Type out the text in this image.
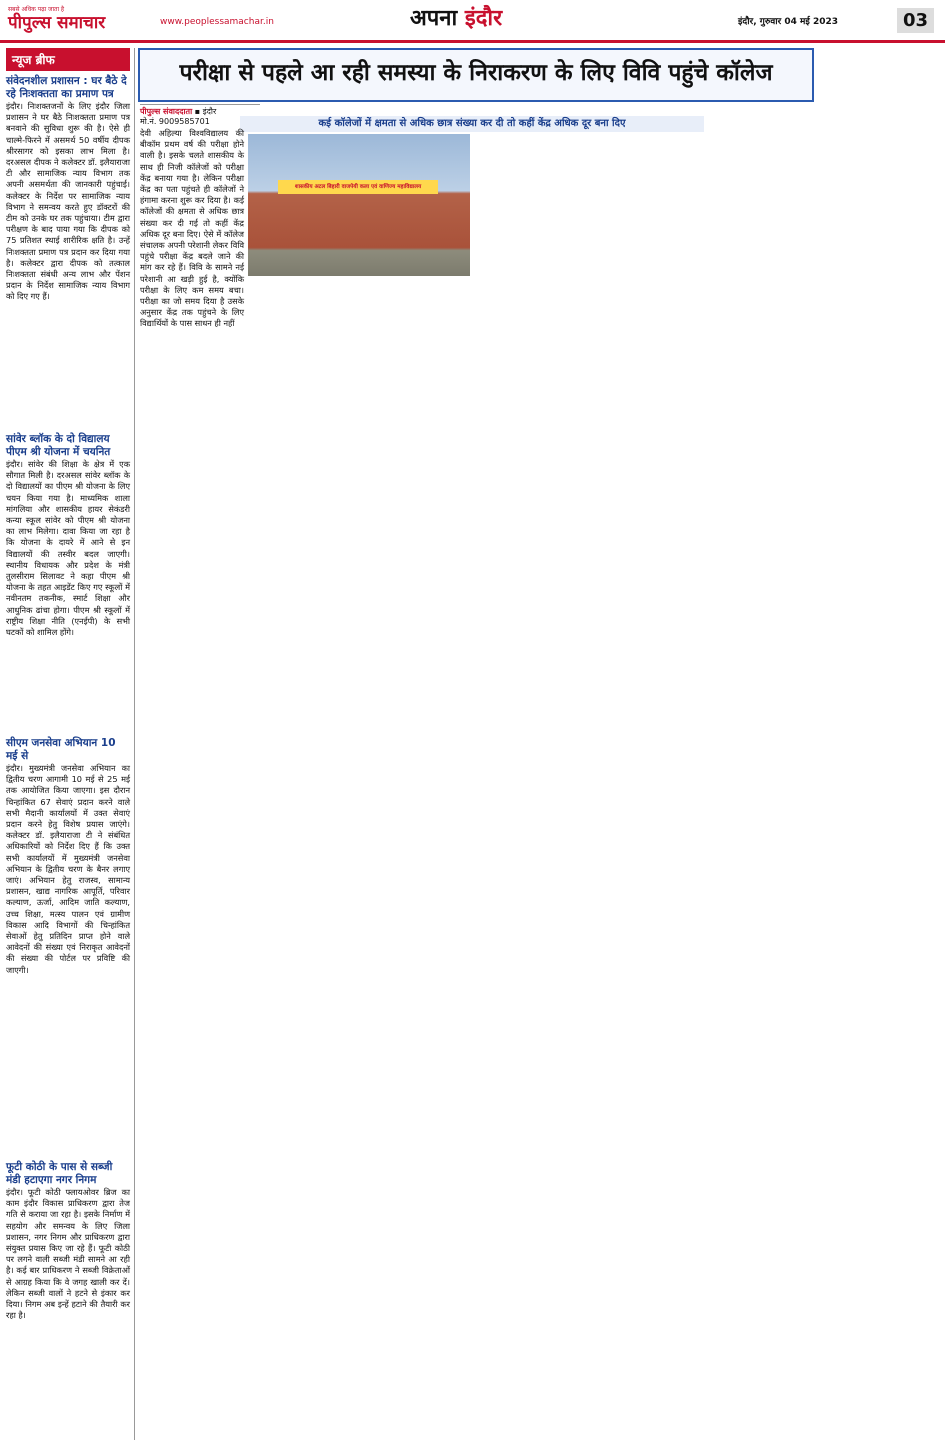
सबसे अधिक पढ़ा जाता है
पीपुल्स समाचार	www.peoplessamachar.in	अपना इंदौर	इंदौर, गुरुवार 04 मई 2023	03
न्यूज ब्रीफ
संवेदनशील प्रशासन : घर बैठे दे रहे निःशक्तता का प्रमाण पत्र
इंदौर। निःशक्तजनों के लिए इंदौर जिला प्रशासन ने घर बैठे निःशक्तता प्रमाण पत्र बनवाने की सुविधा शुरू की है। ऐसे ही चाल्मे-फिरने में असमर्थ 50 वर्षीय दीपक श्रीरसागर को इसका लाभ मिला है। दरअसल दीपक ने कलेक्टर डॉ. इलैयाराजा टी और सामाजिक न्याय विभाग तक अपनी असमर्थता की जानकारी पहुंचाई। कलेक्टर के निर्देश पर सामाजिक न्याय विभाग ने समन्वय करते हुए डॉक्टरों की टीम को उनके घर तक पहुंचाया। टीम द्वारा परीक्षण के बाद पाया गया कि दीपक को 75 प्रतिशत स्थाई शारीरिक क्षति है। उन्हें निःशक्तता प्रमाण पत्र प्रदान कर दिया गया है। कलेक्टर द्वारा दीपक को तत्काल निःशक्तता संबंधी अन्य लाभ और पेंशन प्रदान के निर्देश सामाजिक न्याय विभाग को दिए गए हैं।
सांवेर ब्लॉक के दो विद्यालय पीएम श्री योजना में चयनित
इंदौर। सांवेर की शिक्षा के क्षेत्र में एक सौगात मिली है। दरअसल सांवेर ब्लॉक के दो विद्यालयों का पीएम श्री योजना के लिए चयन किया गया है। माध्यमिक शाला मांगलिया और शासकीय हायर सेकंडरी कन्या स्कूल सांवेर को पीएम श्री योजना का लाभ मिलेगा। दावा किया जा रहा है कि योजना के दायरे में आने से इन विद्यालयों की तस्वीर बदल जाएगी। स्थानीय विधायक और प्रदेश के मंत्री तुलसीराम सिलावट ने कहा पीएम श्री योजना के तहत आइडेंट किए गए स्कूलों में नवीनतम तकनीक, स्मार्ट शिक्षा और आधुनिक ढांचा होगा। पीएम श्री स्कूलों में राष्ट्रीय शिक्षा नीति (एनईपी) के सभी घटकों को शामिल होंगे।
सीएम जनसेवा अभियान 10 मई से
इंदौर। मुख्यमंत्री जनसेवा अभियान का द्वितीय चरण आगामी 10 मई से 25 मई तक आयोजित किया जाएगा। इस दौरान चिन्हांकित 67 सेवाएं प्रदान करने वाले सभी मैदानी कार्यालयों में उक्त सेवाएं प्रदान करने हेतु विशेष प्रयास जाएंगे। कलेक्टर डॉ. इलैयाराजा टी ने संबंधित अधिकारियों को निर्देश दिए हैं कि उक्त सभी कार्यालयों में मुख्यमंत्री जनसेवा अभियान के द्वितीय चरण के बैनर लगाए जाएं। अभियान हेतु राजस्व, सामान्य प्रशासन, खाद्य नागरिक आपूर्ति, परिवार कल्याण, ऊर्जा, आदिम जाति कल्याण, उच्च शिक्षा, मत्स्य पालन एवं ग्रामीण विकास आदि विभागों की चिन्हांकित सेवाओं हेतु प्रतिदिन प्राप्त होने वाले आवेदनों की संख्या एवं निराकृत आवेदनों की संख्या की पोर्टल पर प्रविष्टि की जाएगी।
फूटी कोठी के पास से सब्जी मंडी हटाएगा नगर निगम
इंदौर। फूटी कोठी फ्लायओवर ब्रिज का काम इंदौर विकास प्राधिकरण द्वारा तेज गति से कराया जा रहा है। इसके निर्माण में सहयोग और समन्वय के लिए जिला प्रशासन, नगर निगम और प्राधिकरण द्वारा संयुक्त प्रयास किए जा रहे हैं। फूटी कोठी पर लगने वाली सब्जी मंडी सामने आ रही है। कई बार प्राधिकरण ने सब्जी विक्रेताओं से आग्रह किया कि वे जगह खाली कर दें। लेकिन सब्जी वालों ने हटने से इंकार कर दिया। निगम अब इन्हें हटाने की तैयारी कर रहा है।
परीक्षा से पहले आ रही समस्या के निराकरण के लिए विवि पहुंचे कॉलेज
पीपुल्स संवाददाता ▪ इंदौर
मो.नं. 9009585701	कई कॉलेजों में क्षमता से अधिक छात्र संख्या कर दी तो कहीं केंद्र अधिक दूर बना दिए
शासकीय अटल बिहारी वाजपेयी कला एवं वाणिज्य महाविद्यालय
देवी अहिल्या विश्वविद्यालय की बीकॉम प्रथम वर्ष की परीक्षा होने वाली है। इसके चलते शासकीय के साथ ही निजी कॉलेजों को परीक्षा केंद्र बनाया गया है। लेकिन परीक्षा केंद्र का पता पहुंचते ही कॉलेजों ने हंगामा करना शुरू कर दिया है। कई कॉलेजों की क्षमता से अधिक छात्र संख्या कर दी गई तो कहीं केंद्र अधिक दूर बना दिए। ऐसे में कॉलेज संचालक अपनी परेशानी लेकर विवि पहुंचे परीक्षा केंद्र बदले जाने की मांग कर रहे हैं। विवि के सामने नई परेशानी आ खड़ी हुई है, क्योंकि परीक्षा के लिए कम समय बचा। परीक्षा का जो समय दिया है उसके अनुसार केंद्र तक पहुंचने के लिए विद्यार्थियों के पास साधन ही नहीं
